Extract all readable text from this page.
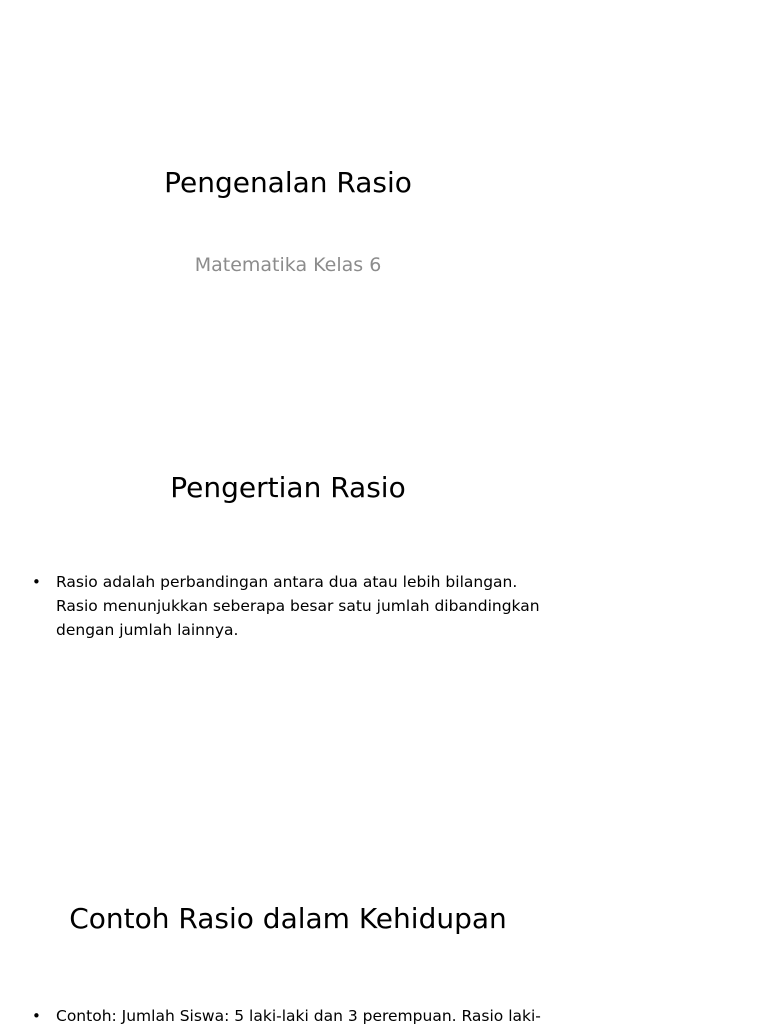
Pengenalan Rasio

Matematika Kelas 6

Pengertian Rasio
• Rasio adalah perbandingan antara dua atau lebih bilangan. Rasio menunjukkan seberapa besar satu jumlah dibandingkan dengan jumlah lainnya.
Contoh Rasio dalam Kehidupan
• Contoh: Jumlah Siswa: 5 laki-laki dan 3 perempuan. Rasio laki-
